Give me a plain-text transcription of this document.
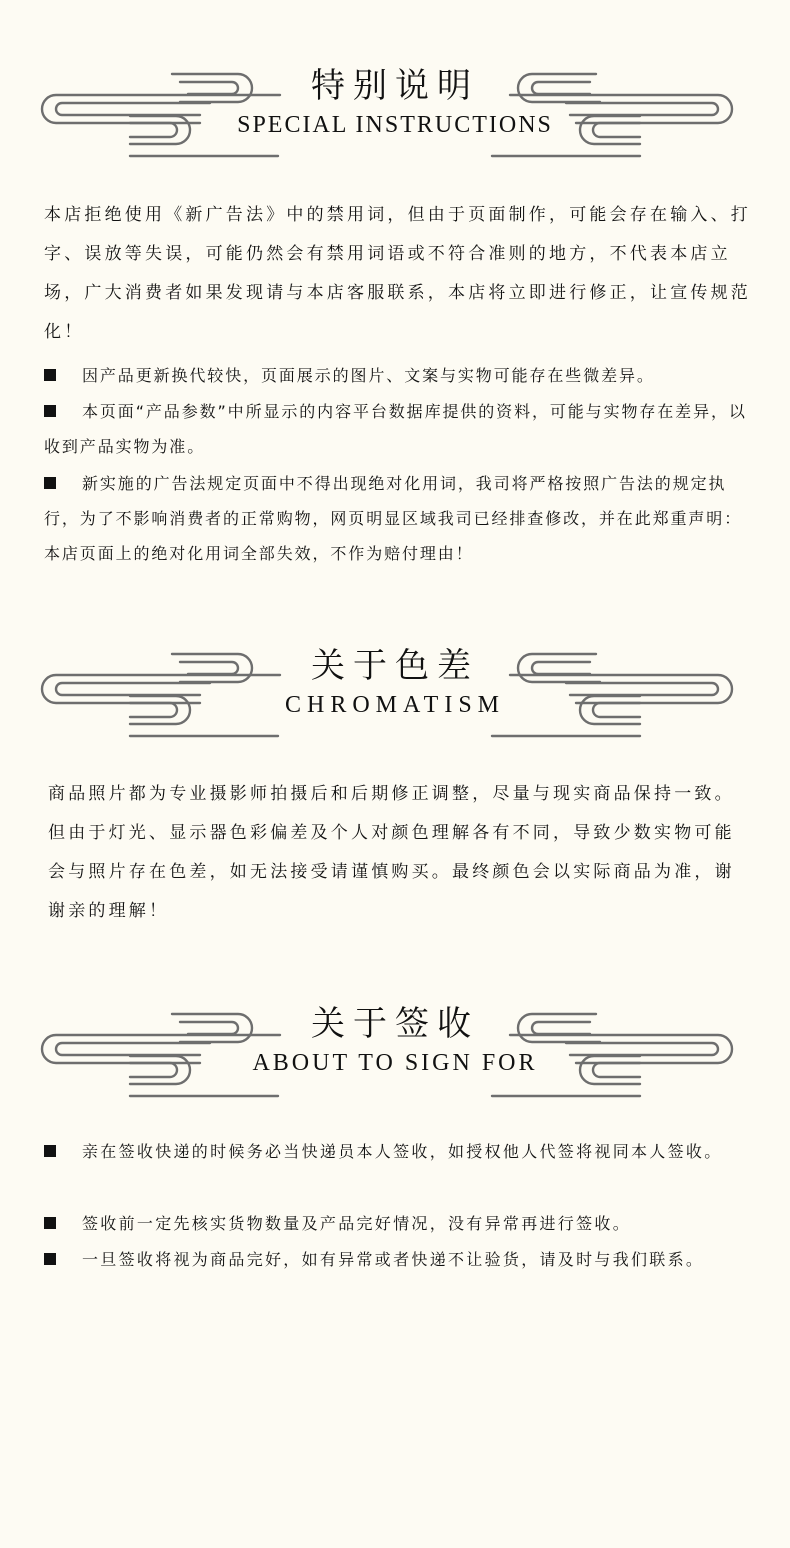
特别说明
SPECIAL INSTRUCTIONS

本店拒绝使用《新广告法》中的禁用词，但由于页面制作，可能会存在输入、打字、误放等失误，可能仍然会有禁用词语或不符合准则的地方，不代表本店立场，广大消费者如果发现请与本店客服联系，本店将立即进行修正，让宣传规范化！

因产品更新换代较快，页面展示的图片、文案与实物可能存在些微差异。
本页面“产品参数”中所显示的内容平台数据库提供的资料，可能与实物存在差异，以收到产品实物为准。
新实施的广告法规定页面中不得出现绝对化用词，我司将严格按照广告法的规定执行，为了不影响消费者的正常购物，网页明显区域我司已经排查修改，并在此郑重声明：本店页面上的绝对化用词全部失效，不作为赔付理由！
关于色差
CHROMATISM

商品照片都为专业摄影师拍摄后和后期修正调整，尽量与现实商品保持一致。但由于灯光、显示器色彩偏差及个人对颜色理解各有不同，导致少数实物可能会与照片存在色差，如无法接受请谨慎购买。最终颜色会以实际商品为准，谢谢亲的理解！

关于签收
ABOUT TO SIGN FOR
亲在签收快递的时候务必当快递员本人签收，如授权他人代签将视同本人签收。
签收前一定先核实货物数量及产品完好情况，没有异常再进行签收。
一旦签收将视为商品完好，如有异常或者快递不让验货，请及时与我们联系。
